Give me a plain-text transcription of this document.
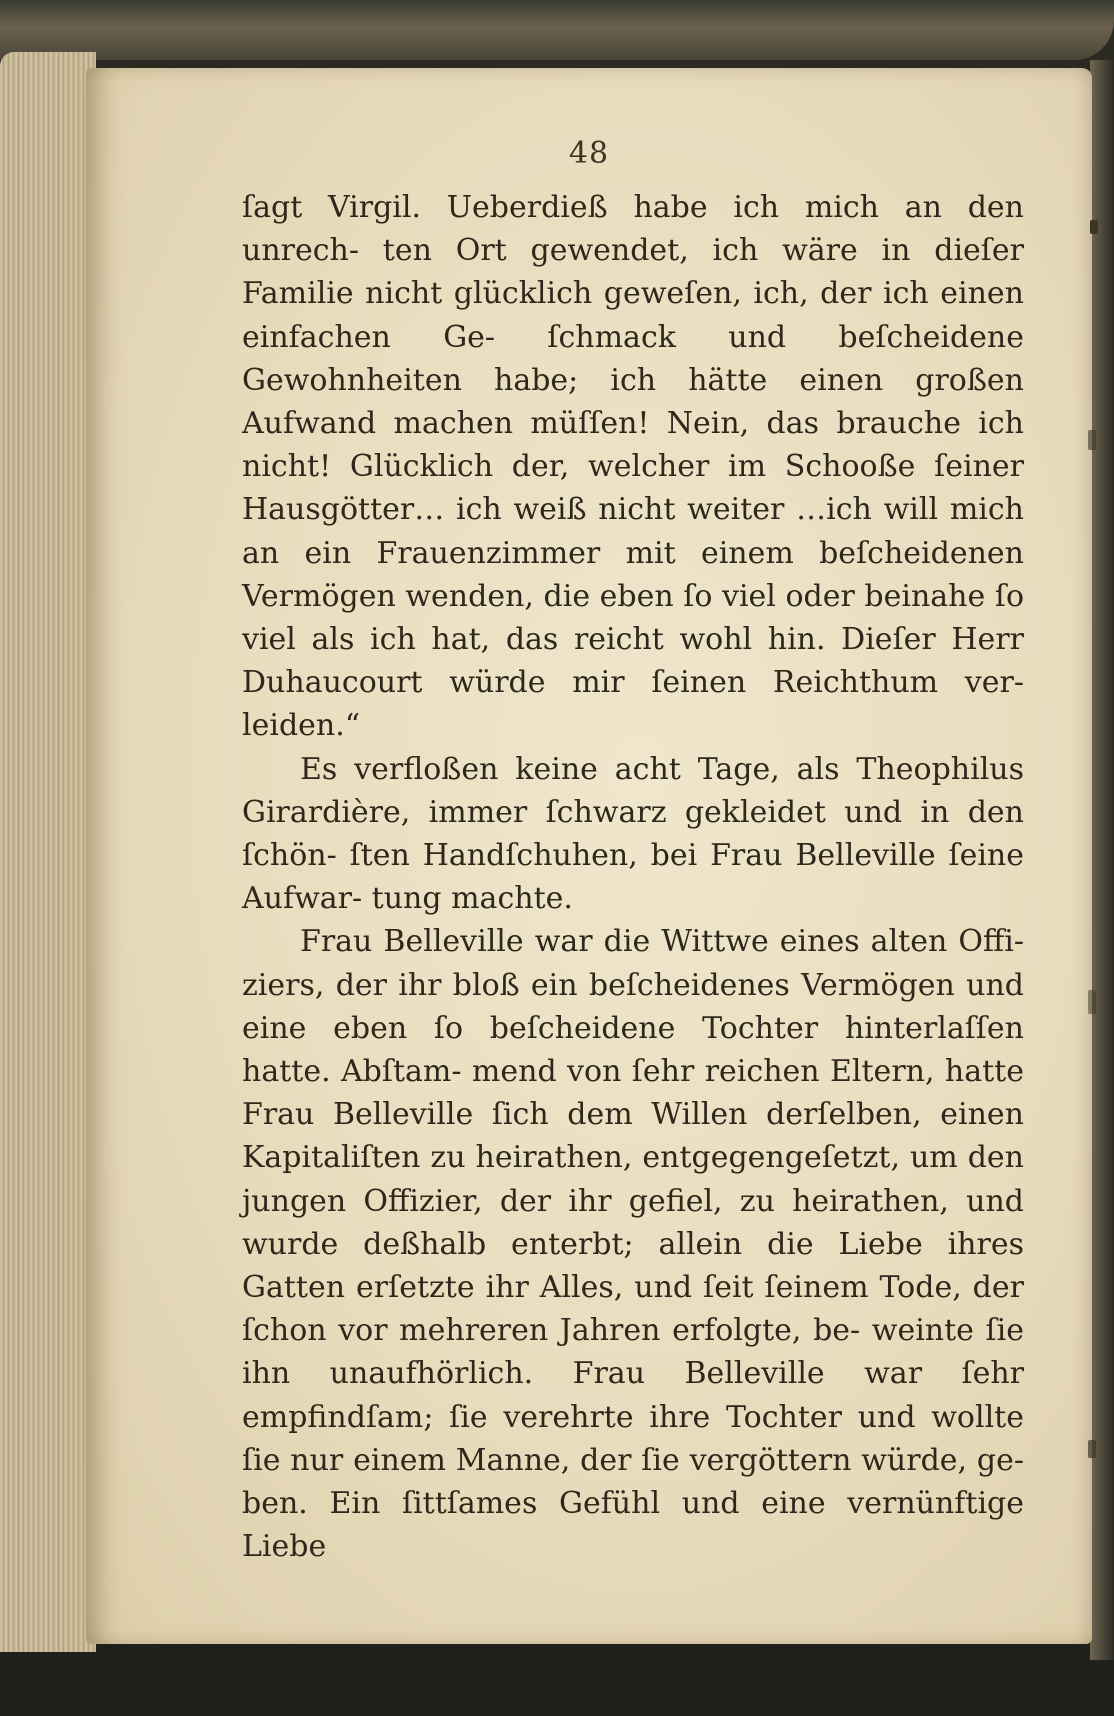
48

ſagt Virgil. Ueberdieß habe ich mich an den unrech‑ ten Ort gewendet, ich wäre in dieſer Familie nicht glücklich geweſen, ich, der ich einen einfachen Ge‑ ſchmack und beſcheidene Gewohnheiten habe; ich hätte einen großen Aufwand machen müſſen! Nein, das brauche ich nicht! Glücklich der, welcher im Schooße ſeiner Hausgötter… ich weiß nicht weiter …ich will mich an ein Frauenzimmer mit einem beſcheidenen Vermögen wenden, die eben ſo viel oder beinahe ſo viel als ich hat, das reicht wohl hin. Dieſer Herr Duhaucourt würde mir ſeinen Reichthum ver‑ leiden.“

Es verfloßen keine acht Tage, als Theophilus Girardière, immer ſchwarz gekleidet und in den ſchön‑ ſten Handſchuhen, bei Frau Belleville ſeine Aufwar‑ tung machte.

Frau Belleville war die Wittwe eines alten Offi‑ ziers, der ihr bloß ein beſcheidenes Vermögen und eine eben ſo beſcheidene Tochter hinterlaſſen hatte. Abſtam‑ mend von ſehr reichen Eltern, hatte Frau Belleville ſich dem Willen derſelben, einen Kapitaliſten zu heirathen, entgegengeſetzt, um den jungen Offizier, der ihr gefiel, zu heirathen, und wurde deßhalb enterbt; allein die Liebe ihres Gatten erſetzte ihr Alles, und ſeit ſeinem Tode, der ſchon vor mehreren Jahren erfolgte, be‑ weinte ſie ihn unaufhörlich. Frau Belleville war ſehr empfindſam; ſie verehrte ihre Tochter und wollte ſie nur einem Manne, der ſie vergöttern würde, ge‑ ben. Ein ſittſames Gefühl und eine vernünftige Liebe
